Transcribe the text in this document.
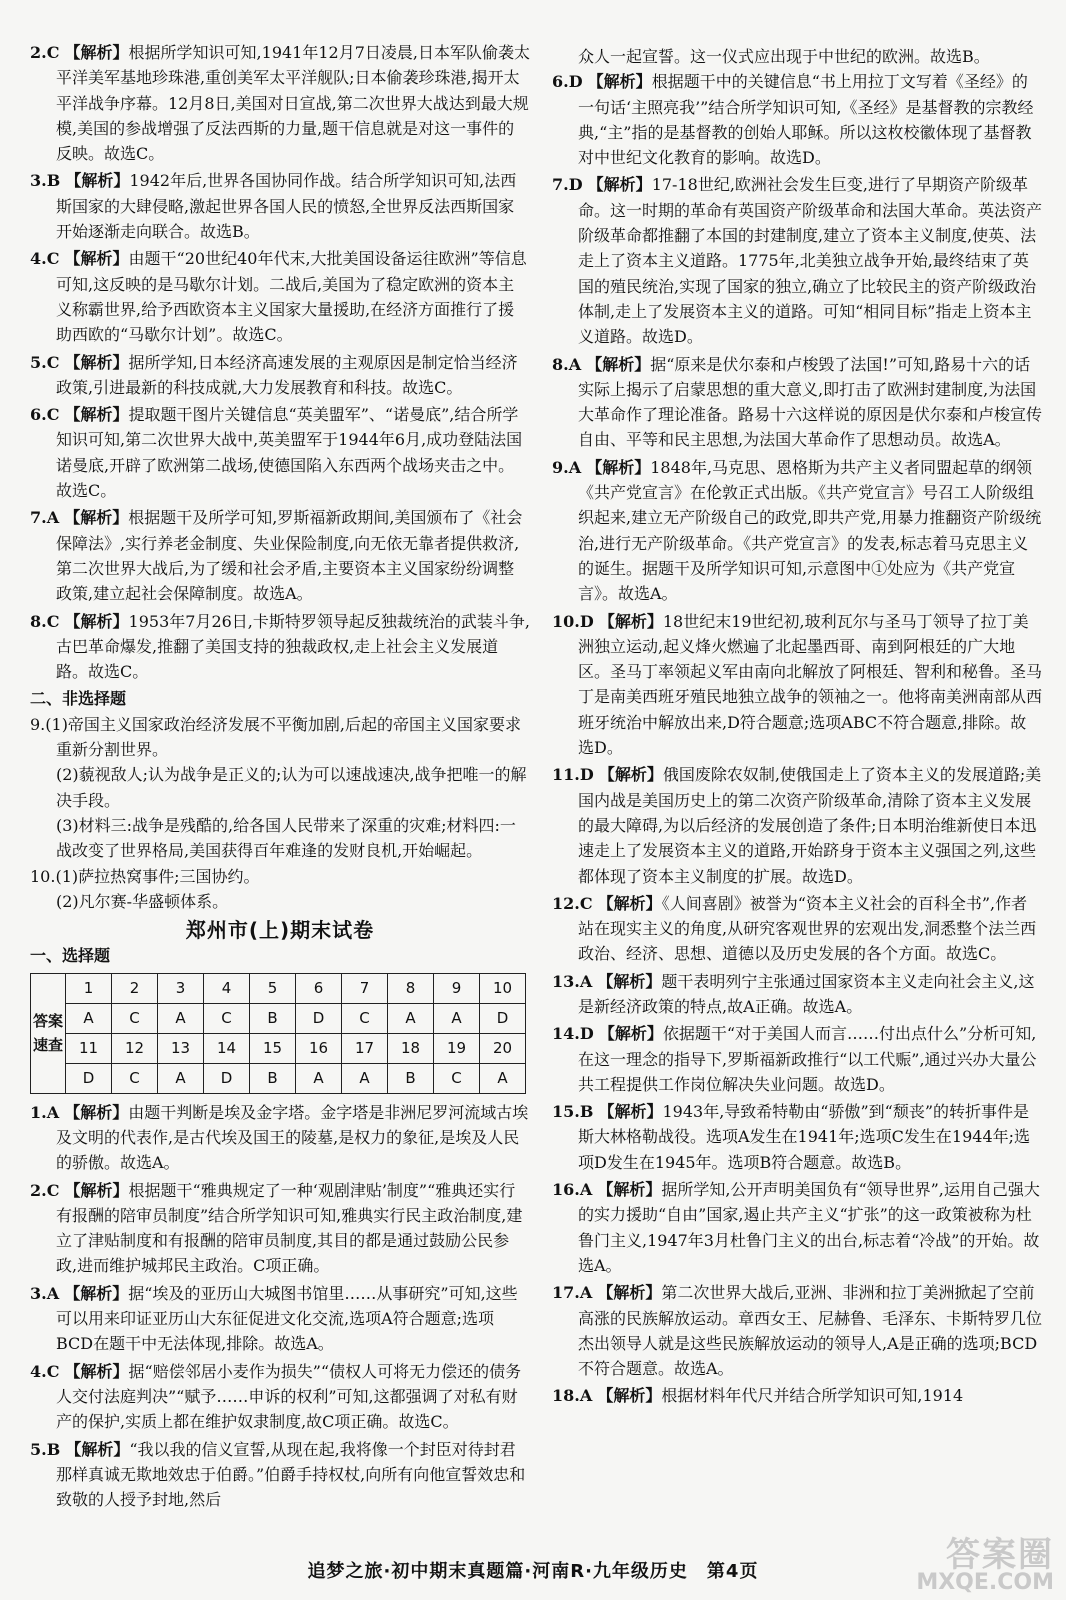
2.C 【解析】根据所学知识可知,1941年12月7日凌晨,日本军队偷袭太平洋美军基地珍珠港,重创美军太平洋舰队;日本偷袭珍珠港,揭开太平洋战争序幕。12月8日,美国对日宣战,第二次世界大战达到最大规模,美国的参战增强了反法西斯的力量,题干信息就是对这一事件的反映。故选C。

3.B 【解析】1942年后,世界各国协同作战。结合所学知识可知,法西斯国家的大肆侵略,激起世界各国人民的愤怒,全世界反法西斯国家开始逐渐走向联合。故选B。

4.C 【解析】由题干“20世纪40年代末,大批美国设备运往欧洲”等信息可知,这反映的是马歇尔计划。二战后,美国为了稳定欧洲的资本主义称霸世界,给予西欧资本主义国家大量援助,在经济方面推行了援助西欧的“马歇尔计划”。故选C。

5.C 【解析】据所学知,日本经济高速发展的主观原因是制定恰当经济政策,引进最新的科技成就,大力发展教育和科技。故选C。

6.C 【解析】提取题干图片关键信息“英美盟军”、“诺曼底”,结合所学知识可知,第二次世界大战中,英美盟军于1944年6月,成功登陆法国诺曼底,开辟了欧洲第二战场,使德国陷入东西两个战场夹击之中。故选C。

7.A 【解析】根据题干及所学可知,罗斯福新政期间,美国颁布了《社会保障法》,实行养老金制度、失业保险制度,向无依无靠者提供救济,第二次世界大战后,为了缓和社会矛盾,主要资本主义国家纷纷调整政策,建立起社会保障制度。故选A。

8.C 【解析】1953年7月26日,卡斯特罗领导起反独裁统治的武装斗争,古巴革命爆发,推翻了美国支持的独裁政权,走上社会主义发展道路。故选C。

二、非选择题

9.(1)帝国主义国家政治经济发展不平衡加剧,后起的帝国主义国家要求重新分割世界。

(2)藐视敌人;认为战争是正义的;认为可以速战速决,战争把唯一的解决手段。

(3)材料三:战争是残酷的,给各国人民带来了深重的灾难;材料四:一战改变了世界格局,美国获得百年难逢的发财良机,开始崛起。

10.(1)萨拉热窝事件;三国协约。

(2)凡尔赛-华盛顿体系。

郑州市(上)期末试卷

一、选择题

答案速查	1	2	3	4	5	6	7	8	9	10
	A	C	A	C	B	D	C	A	A	D
	11	12	13	14	15	16	17	18	19	20
	D	C	A	D	B	A	A	B	C	A

1.A 【解析】由题干判断是埃及金字塔。金字塔是非洲尼罗河流域古埃及文明的代表作,是古代埃及国王的陵墓,是权力的象征,是埃及人民的骄傲。故选A。

2.C 【解析】根据题干“雅典规定了一种‘观剧津贴’制度”“雅典还实行有报酬的陪审员制度”结合所学知识可知,雅典实行民主政治制度,建立了津贴制度和有报酬的陪审员制度,其目的都是通过鼓励公民参政,进而维护城邦民主政治。C项正确。

3.A 【解析】据“埃及的亚历山大城图书馆里……从事研究”可知,这些可以用来印证亚历山大东征促进文化交流,选项A符合题意;选项BCD在题干中无法体现,排除。故选A。

4.C 【解析】据“赔偿邻居小麦作为损失”“债权人可将无力偿还的债务人交付法庭判决”“赋予……申诉的权利”可知,这都强调了对私有财产的保护,实质上都在维护奴隶制度,故C项正确。故选C。

5.B 【解析】“我以我的信义宣誓,从现在起,我将像一个封臣对待封君那样真诚无欺地效忠于伯爵。”伯爵手持权杖,向所有向他宣誓效忠和致敬的人授予封地,然后

众人一起宣誓。这一仪式应出现于中世纪的欧洲。故选B。

6.D 【解析】根据题干中的关键信息“书上用拉丁文写着《圣经》的一句话‘主照亮我’”结合所学知识可知,《圣经》是基督教的宗教经典,“主”指的是基督教的创始人耶稣。所以这枚校徽体现了基督教对中世纪文化教育的影响。故选D。

7.D 【解析】17-18世纪,欧洲社会发生巨变,进行了早期资产阶级革命。这一时期的革命有英国资产阶级革命和法国大革命。英法资产阶级革命都推翻了本国的封建制度,建立了资本主义制度,使英、法走上了资本主义道路。1775年,北美独立战争开始,最终结束了英国的殖民统治,实现了国家的独立,确立了比较民主的资产阶级政治体制,走上了发展资本主义的道路。可知“相同目标”指走上资本主义道路。故选D。

8.A 【解析】据“原来是伏尔泰和卢梭毁了法国!”可知,路易十六的话实际上揭示了启蒙思想的重大意义,即打击了欧洲封建制度,为法国大革命作了理论准备。路易十六这样说的原因是伏尔泰和卢梭宣传自由、平等和民主思想,为法国大革命作了思想动员。故选A。

9.A 【解析】1848年,马克思、恩格斯为共产主义者同盟起草的纲领《共产党宣言》在伦敦正式出版。《共产党宣言》号召工人阶级组织起来,建立无产阶级自己的政党,即共产党,用暴力推翻资产阶级统治,进行无产阶级革命。《共产党宣言》的发表,标志着马克思主义的诞生。据题干及所学知识可知,示意图中①处应为《共产党宣言》。故选A。

10.D 【解析】18世纪末19世纪初,玻利瓦尔与圣马丁领导了拉丁美洲独立运动,起义烽火燃遍了北起墨西哥、南到阿根廷的广大地区。圣马丁率领起义军由南向北解放了阿根廷、智利和秘鲁。圣马丁是南美西班牙殖民地独立战争的领袖之一。他将南美洲南部从西班牙统治中解放出来,D符合题意;选项ABC不符合题意,排除。故选D。

11.D 【解析】俄国废除农奴制,使俄国走上了资本主义的发展道路;美国内战是美国历史上的第二次资产阶级革命,清除了资本主义发展的最大障碍,为以后经济的发展创造了条件;日本明治维新使日本迅速走上了发展资本主义的道路,开始跻身于资本主义强国之列,这些都体现了资本主义制度的扩展。故选D。

12.C 【解析】《人间喜剧》被誉为“资本主义社会的百科全书”,作者站在现实主义的角度,从研究客观世界的宏观出发,洞悉整个法兰西政治、经济、思想、道德以及历史发展的各个方面。故选C。

13.A 【解析】题干表明列宁主张通过国家资本主义走向社会主义,这是新经济政策的特点,故A正确。故选A。

14.D 【解析】依据题干“对于美国人而言……付出点什么”分析可知,在这一理念的指导下,罗斯福新政推行“以工代赈”,通过兴办大量公共工程提供工作岗位解决失业问题。故选D。

15.B 【解析】1943年,导致希特勒由“骄傲”到“颓丧”的转折事件是斯大林格勒战役。选项A发生在1941年;选项C发生在1944年;选项D发生在1945年。选项B符合题意。故选B。

16.A 【解析】据所学知,公开声明美国负有“领导世界”,运用自己强大的实力援助“自由”国家,遏止共产主义“扩张”的这一政策被称为杜鲁门主义,1947年3月杜鲁门主义的出台,标志着“冷战”的开始。故选A。

17.A 【解析】第二次世界大战后,亚洲、非洲和拉丁美洲掀起了空前高涨的民族解放运动。章西女王、尼赫鲁、毛泽东、卡斯特罗几位杰出领导人就是这些民族解放运动的领导人,A是正确的选项;BCD不符合题意。故选A。

18.A 【解析】根据材料年代尺并结合所学知识可知,1914

追梦之旅·初中期末真题篇·河南R·九年级历史　第4页	答案圈
MXQE.COM
